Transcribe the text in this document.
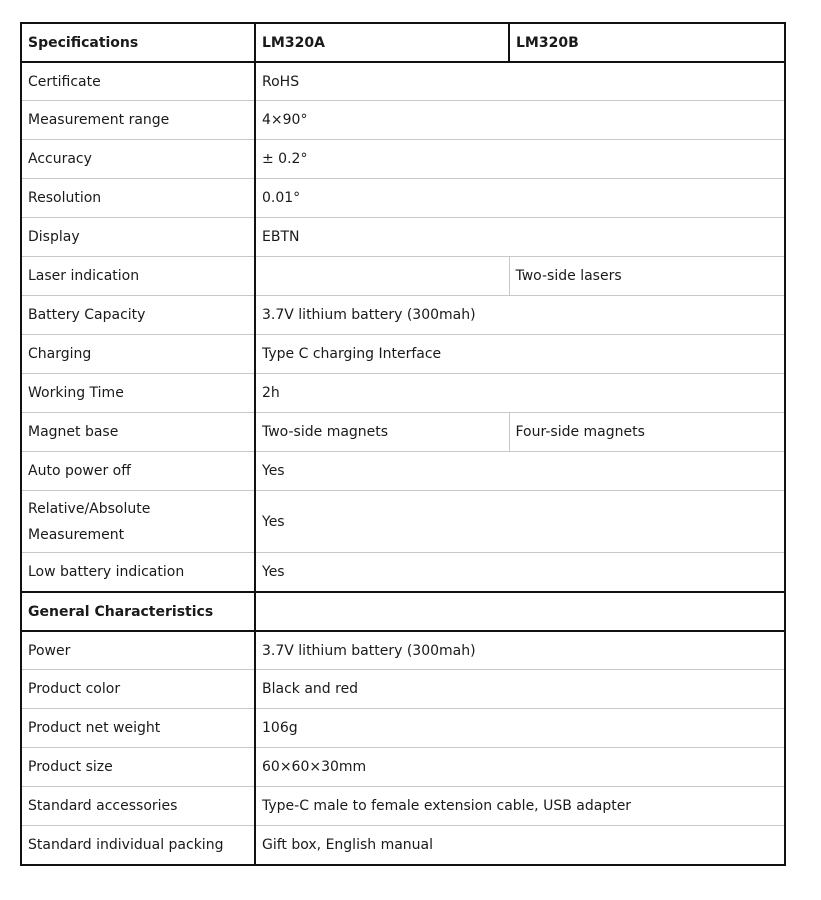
Specifications	LM320A	LM320B
Certificate	RoHS	
Measurement range	4×90°	
Accuracy	± 0.2°	
Resolution	0.01°	
Display	EBTN	
Laser indication		Two-side lasers
Battery Capacity	3.7V lithium battery (300mah)	
Charging	Type C charging Interface	
Working Time	2h	
Magnet base	Two-side magnets	Four-side magnets
Auto power off	Yes	
Relative/Absolute Measurement	Yes	
Low battery indication	Yes	
General Characteristics		
Power	3.7V lithium battery (300mah)	
Product color	Black and red	
Product net weight	106g	
Product size	60×60×30mm	
Standard accessories	Type-C male to female extension cable, USB adapter	
Standard individual packing	Gift box, English manual	
